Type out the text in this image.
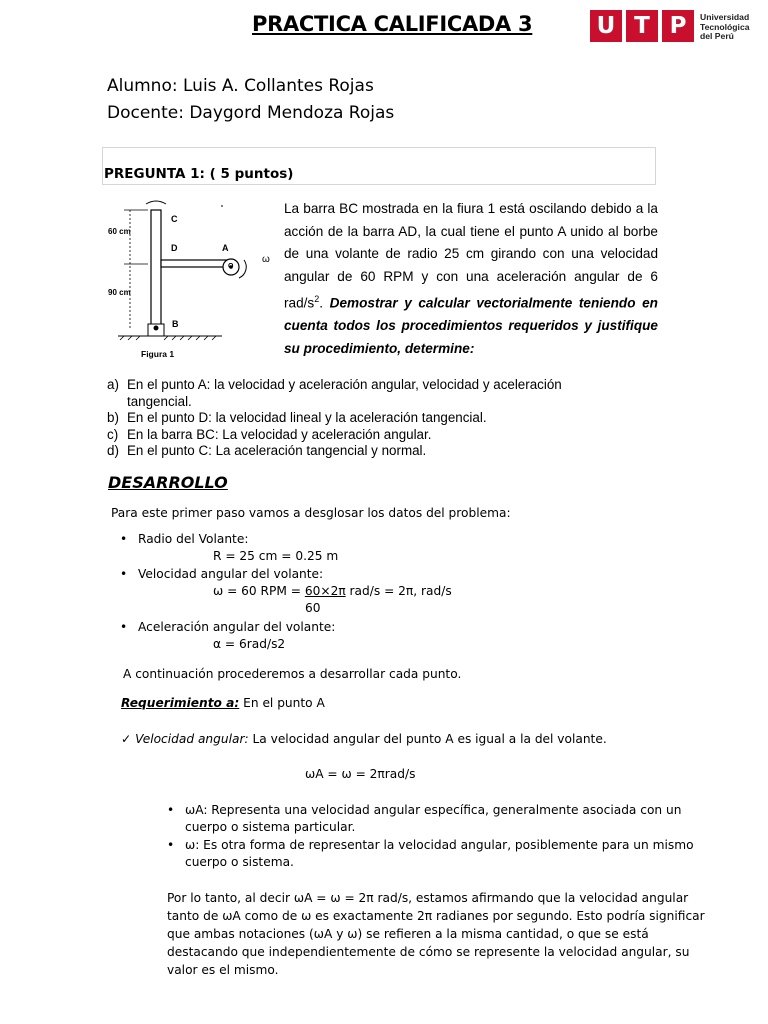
PRACTICA CALIFICADA 3	U T P	Universidad
Tecnológica
del Perú
Alumno: Luis A. Collantes Rojas
Docente: Daygord Mendoza Rojas
PREGUNTA 1: ( 5 puntos)
C
D	A
O
ω
B
60 cm
90 cm
Figura 1
La barra BC mostrada en la fiura 1 está oscilando debido a la acción de la barra AD, la cual tiene el punto A unido al borbe de una volante de radio 25 cm girando con una velocidad angular de 60 RPM y con una aceleración angular de 6 rad/$s^2$. Demostrar y calcular vectorialmente teniendo en cuenta todos los procedimientos requeridos y justifique su procedimiento, determine:
a) En el punto A: la velocidad y aceleración angular, velocidad y aceleración tangencial.
b) En el punto D: la velocidad lineal y la aceleración tangencial.
c) En la barra BC: La velocidad y aceleración angular.
d) En el punto C: La aceleración tangencial y normal.
DESARROLLO
Para este primer paso vamos a desglosar los datos del problema:
• Radio del Volante:
R = 25 cm = 0.25 m
• Velocidad angular del volante:
ω = 60 RPM = 60×2π rad/s = 2π, rad/s
60
• Aceleración angular del volante:
α = 6rad/s2
A continuación procederemos a desarrollar cada punto.
Requerimiento a: En el punto A
✓ Velocidad angular: La velocidad angular del punto A es igual a la del volante.
ωA = ω = 2πrad/s
• ωA: Representa una velocidad angular específica, generalmente asociada con un cuerpo o sistema particular.
• ω: Es otra forma de representar la velocidad angular, posiblemente para un mismo cuerpo o sistema.
Por lo tanto, al decir ωA = ω = 2π rad/s, estamos afirmando que la velocidad angular tanto de ωA como de ω es exactamente 2π radianes por segundo. Esto podría significar que ambas notaciones (ωA y ω) se refieren a la misma cantidad, o que se está destacando que independientemente de cómo se represente la velocidad angular, su valor es el mismo.
